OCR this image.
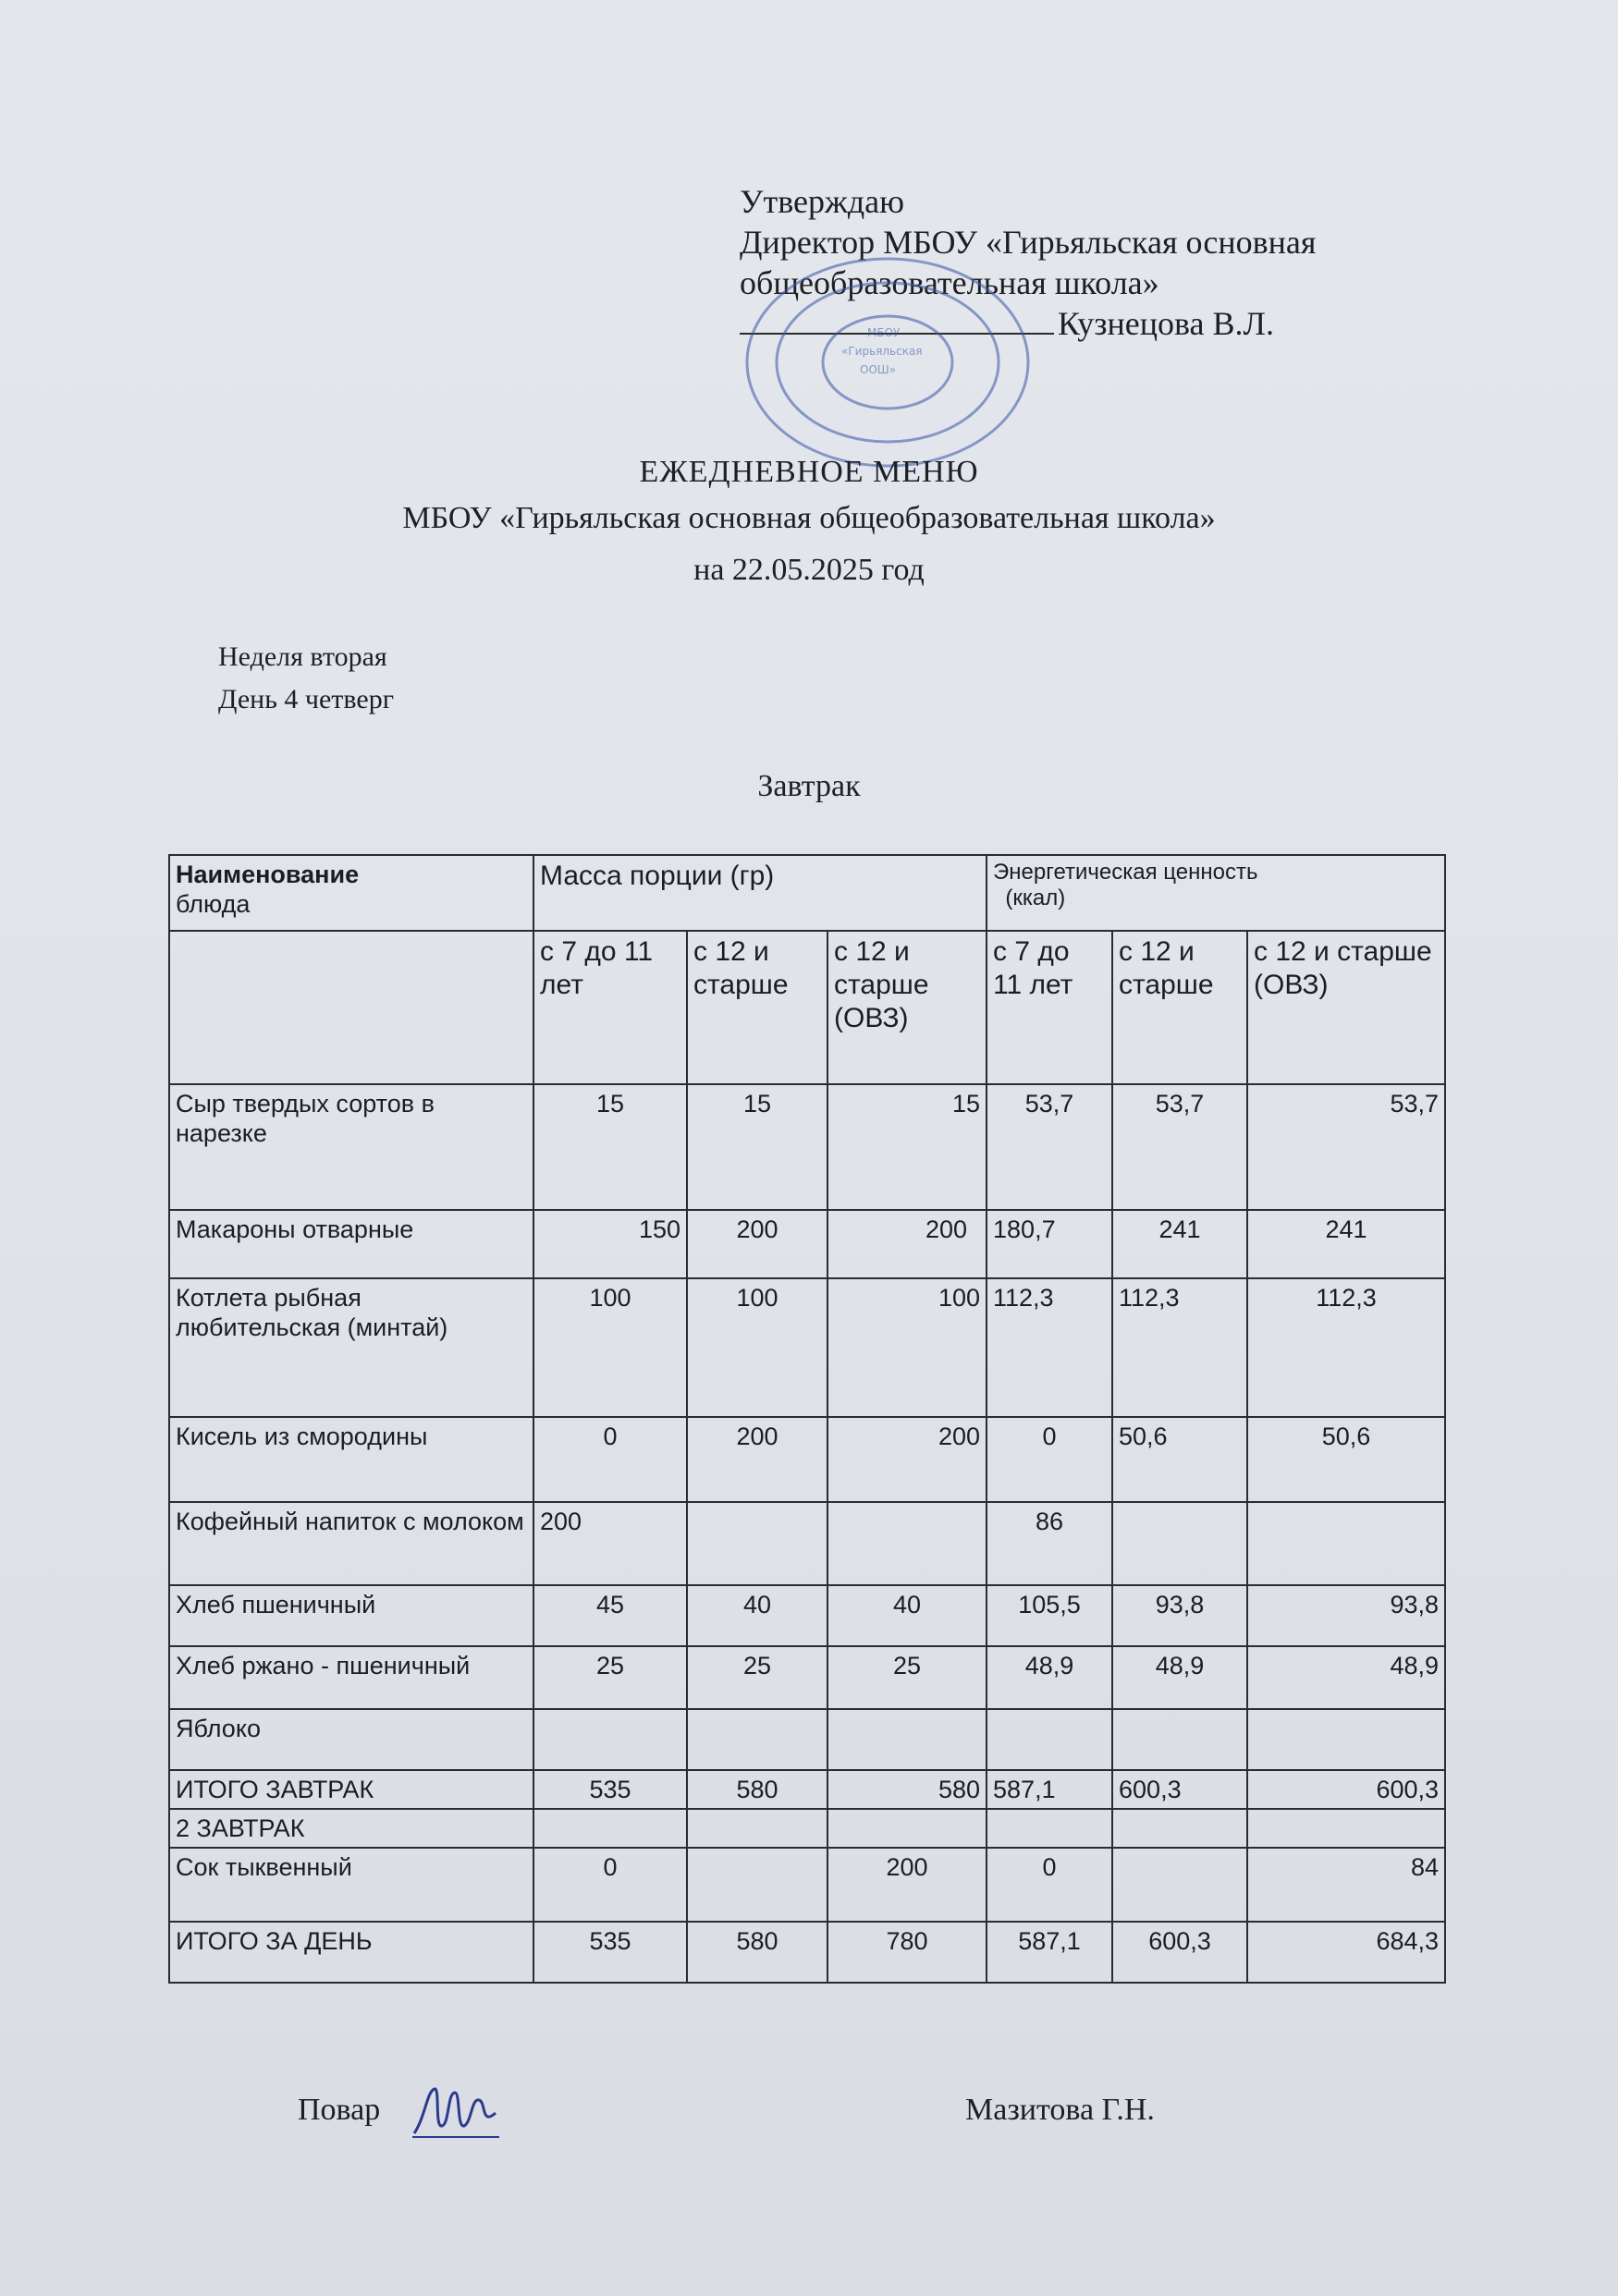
Утверждаю
Директор МБОУ «Гирьяльская основная
общеобразовательная школа»
Кузнецова В.Л.
«Гирьяльская
ООШ»
МБОУ
ЕЖЕДНЕВНОЕ МЕНЮ
МБОУ «Гирьяльская основная общеобразовательная школа»
на 22.05.2025 год
Неделя вторая
День 4 четверг
Завтрак
Наименование
блюда	Масса порции (гр)			Энергетическая ценность
(ккал)		
	с 7 до 11 лет	с 12 и старше	с 12 и старше (ОВЗ)	с 7 до 11 лет	с 12 и старше	с 12 и старше (ОВЗ)
Сыр твердых сортов в нарезке	15	15	15	53,7	53,7	53,7
Макароны отварные	150	200	200	180,7	241	241
Котлета рыбная любительская (минтай)	100	100	100	112,3	112,3	112,3
Кисель из смородины	0	200	200	0	50,6	50,6
Кофейный напиток с молоком	200			86		
Хлеб пшеничный	45	40	40	105,5	93,8	93,8
Хлеб ржано - пшеничный	25	25	25	48,9	48,9	48,9
Яблоко						
ИТОГО ЗАВТРАК	535	580	580	587,1	600,3	600,3
2 ЗАВТРАК						
Сок тыквенный	0		200	0		84
ИТОГО ЗА ДЕНЬ	535	580	780	587,1	600,3	684,3
Повар	Мазитова Г.Н.
